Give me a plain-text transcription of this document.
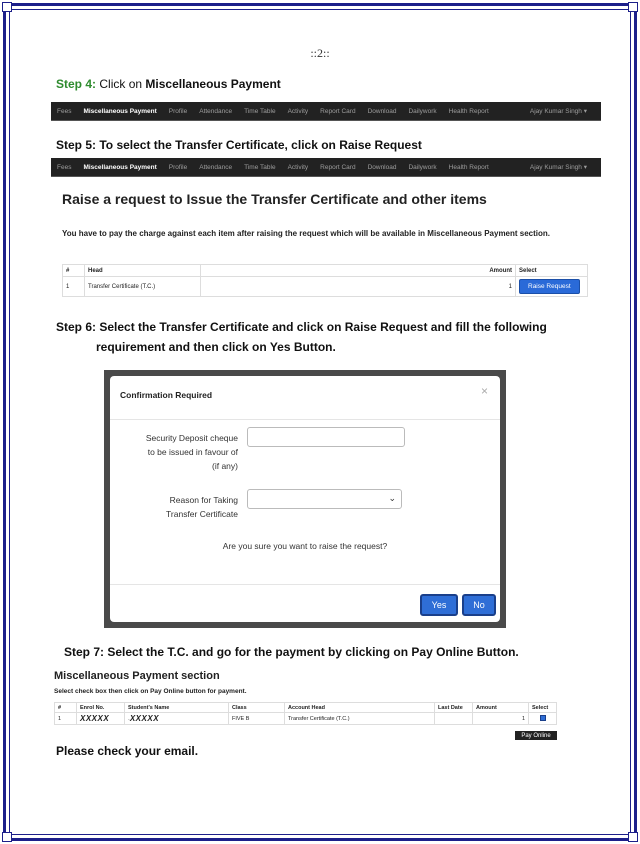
::2::
Step 4: Click on Miscellaneous Payment
Fees	Miscellaneous Payment	Profile	Attendance	Time Table	Activity	Report Card	Download	Dailywork	Health Report	Ajay Kumar Singh ▾
Step 5: To select the Transfer Certificate, click on Raise Request
Fees	Miscellaneous Payment	Profile	Attendance	Time Table	Activity	Report Card	Download	Dailywork	Health Report	Ajay Kumar Singh ▾
Raise a request to Issue the Transfer Certificate and other items
You have to pay the charge against each item after raising the request which will be available in Miscellaneous Payment section.
#	Head	Amount	Select
1	Transfer Certificate (T.C.)	1	Raise Request
Step 6: Select the Transfer Certificate and click on Raise Request and fill the following
requirement and then click on Yes Button.
Confirmation Required	×
Security Deposit cheque
to be issued in favour of
(if any)
Reason for Taking
Transfer Certificate
⌄
Are you sure you want to raise the request?
Yes	No
Step 7: Select the T.C. and go for the payment by clicking on Pay Online Button.
Miscellaneous Payment section
Select check box then click on Pay Online button for payment.
#	Enrol No.	Student's Name	Class	Account Head	Last Date	Amount	Select
1	XXXXX	·XXXXX	FIVE B	Transfer Certificate (T.C.)		1	
Pay Online
Please check your email.
